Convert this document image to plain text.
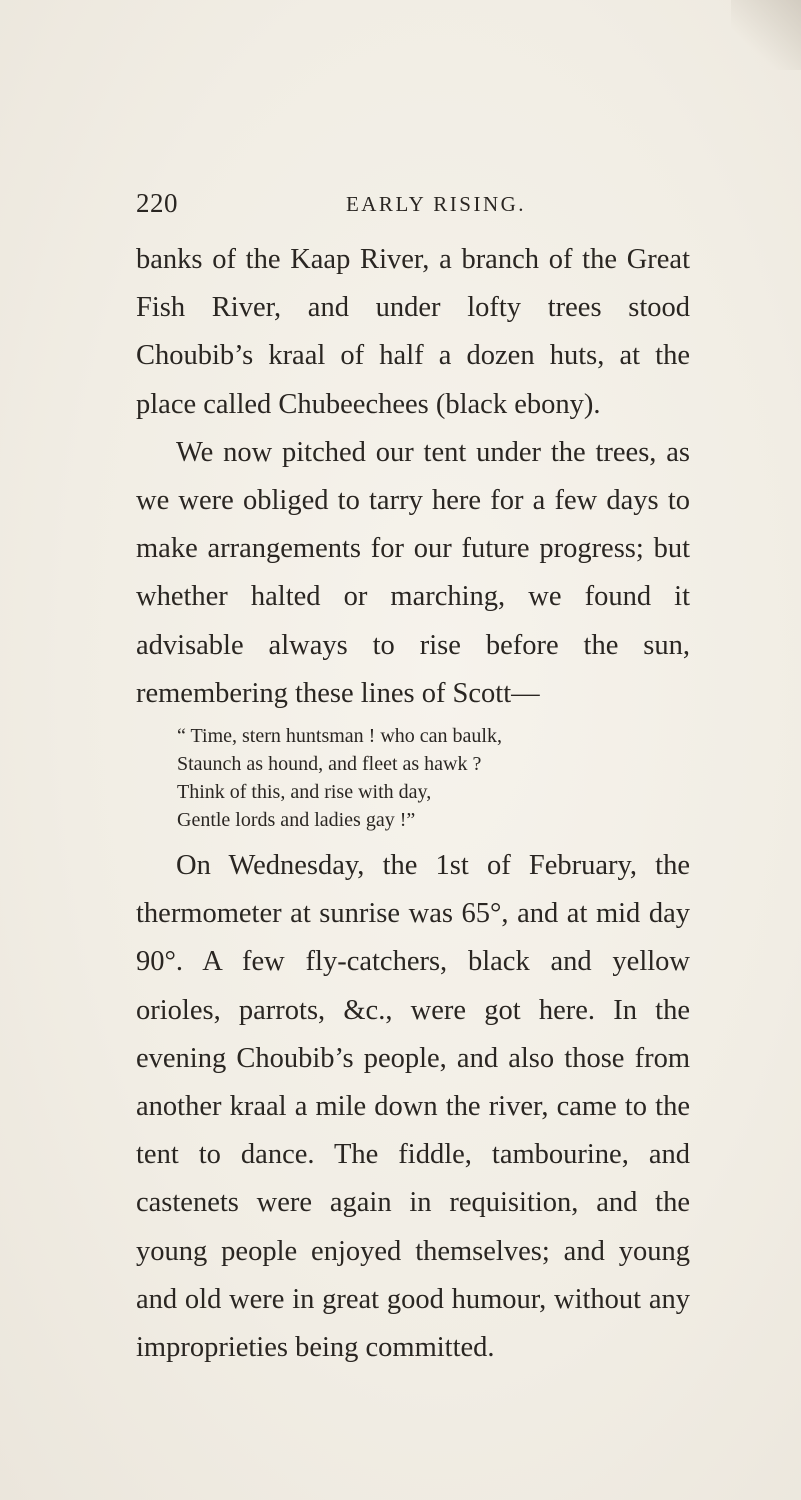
220	EARLY RISING.

banks of the Kaap River, a branch of the Great Fish River, and under lofty trees stood Choubib’s kraal of half a dozen huts, at the place called Chubeechees (black ebony).

We now pitched our tent under the trees, as we were obliged to tarry here for a few days to make arrangements for our future progress; but whether halted or marching, we found it advisable always to rise before the sun, remembering these lines of Scott—

“ Time, stern huntsman ! who can baulk,
Staunch as hound, and fleet as hawk ?
Think of this, and rise with day,
Gentle lords and ladies gay !”

On Wednesday, the 1st of February, the thermometer at sunrise was 65°, and at mid day 90°. A few fly-catchers, black and yellow orioles, parrots, &c., were got here. In the evening Choubib’s people, and also those from another kraal a mile down the river, came to the tent to dance. The fiddle, tambourine, and castenets were again in requisition, and the young people enjoyed themselves; and young and old were in great good humour, without any improprieties being committed.
